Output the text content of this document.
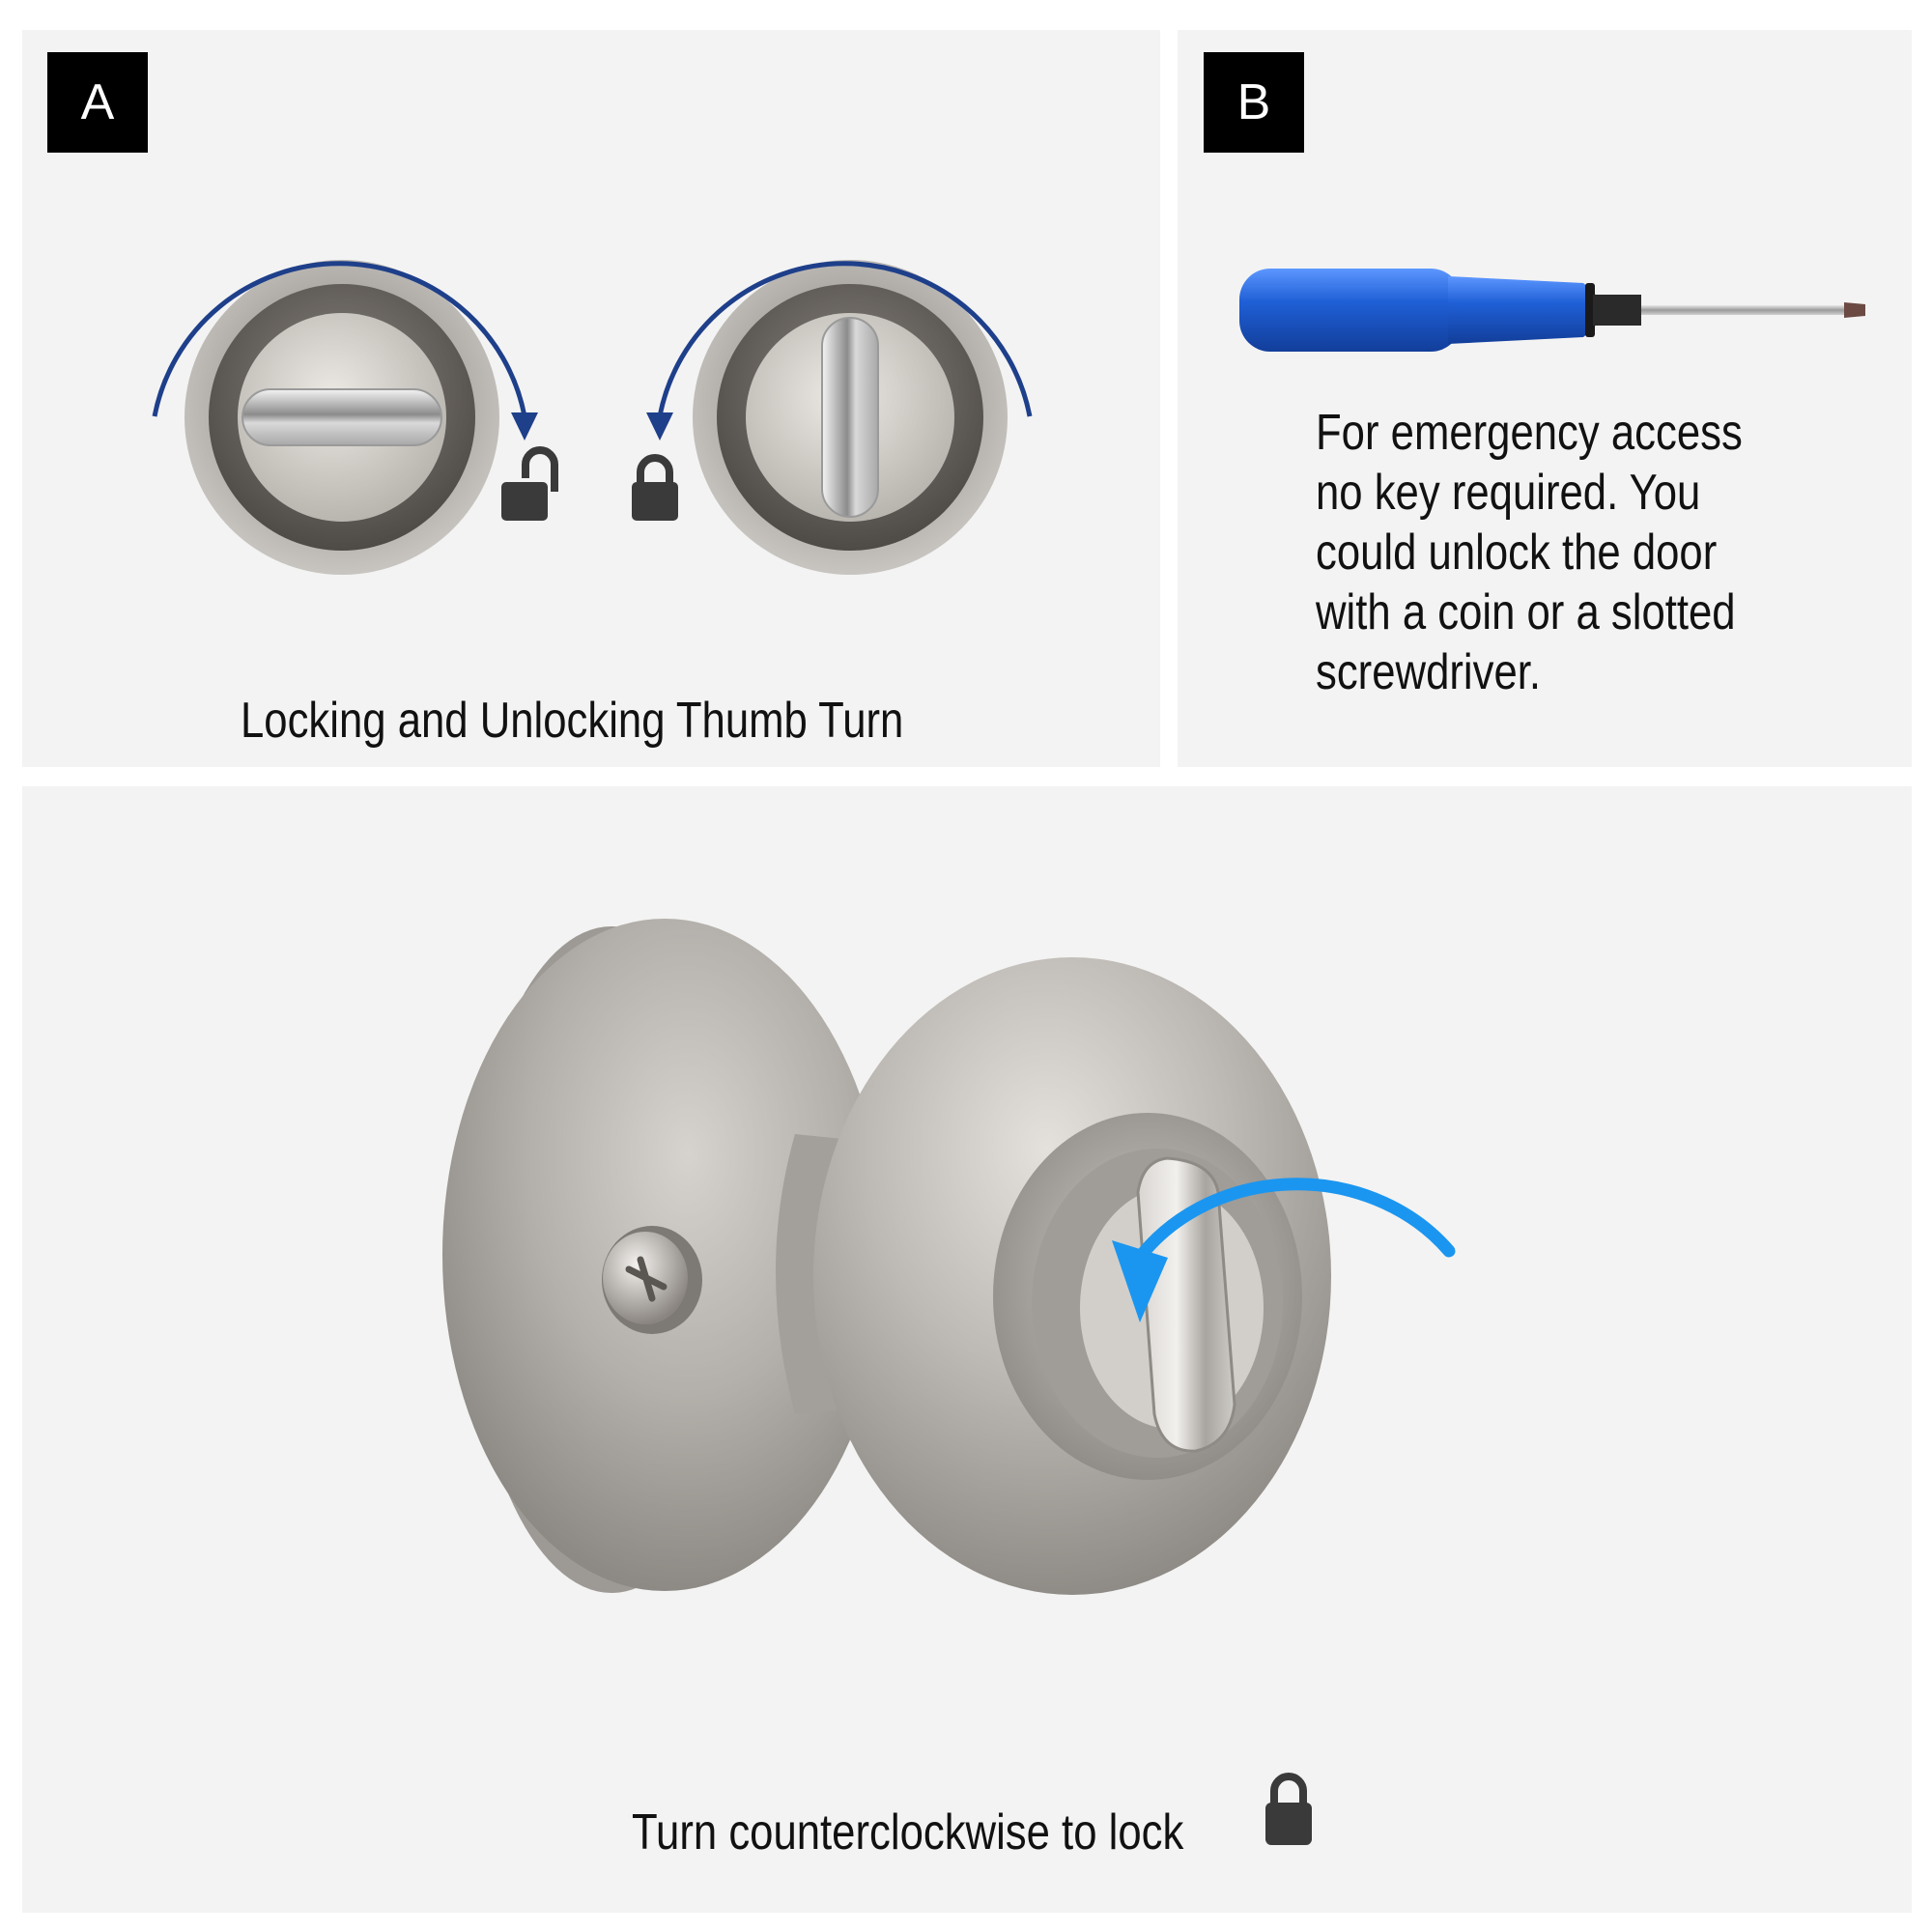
A
Locking and Unlocking Thumb Turn
B
For emergency access
no key required. You
could unlock the door
with a coin or a slotted
screwdriver.
Turn counterclockwise to lock
